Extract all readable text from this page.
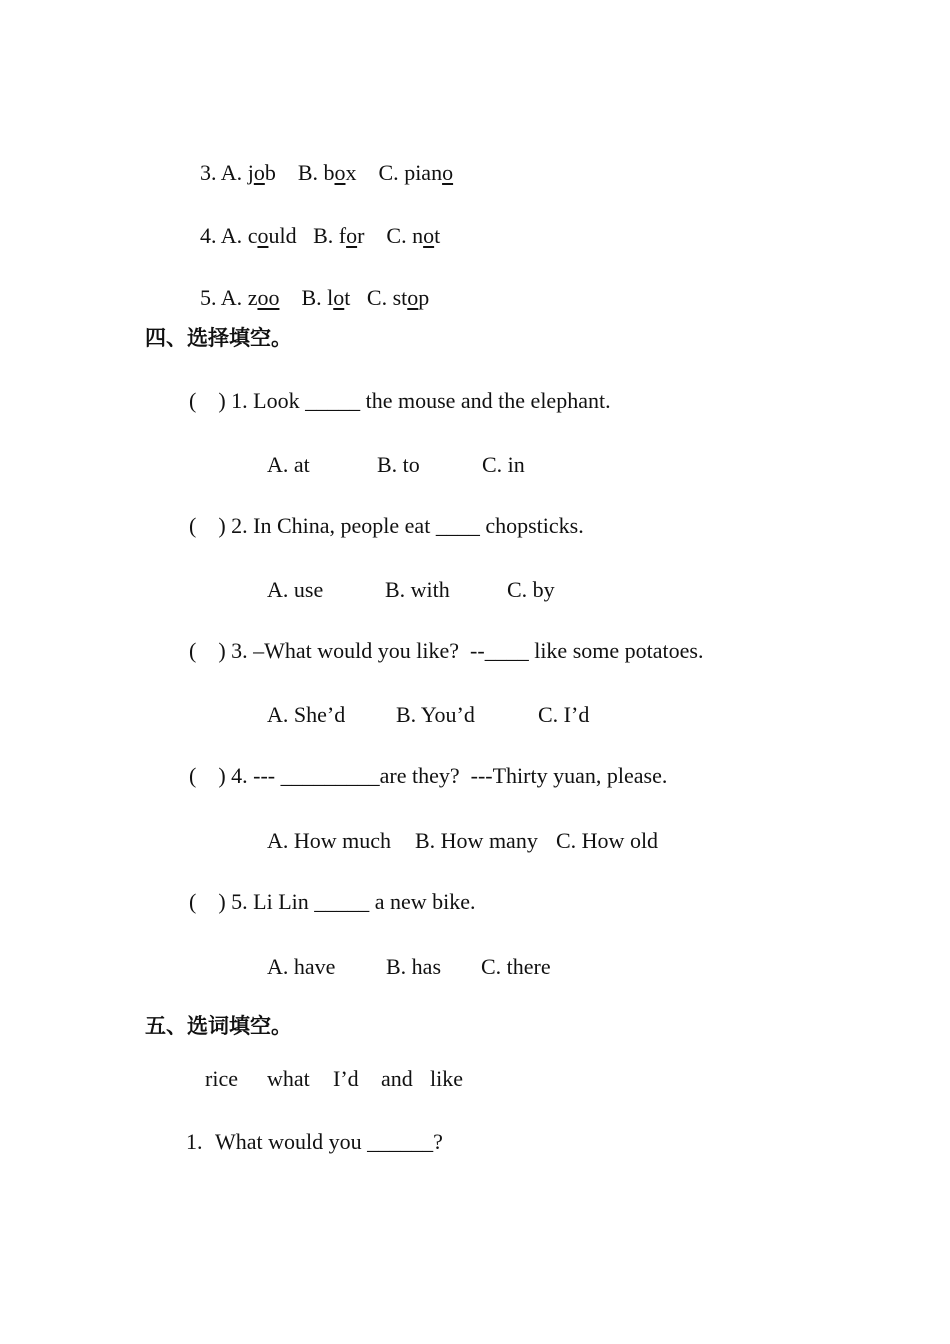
3. A. job B. box C. piano

4. A. could B. for C. not

5. A. zoo B. lot C. stop

四、选择填空。
(    ) 1. Look _____ the mouse and the elephant.
A. at	B. to	C. in
(    ) 2. In China, people eat ____ chopsticks.
A. use	B. with	C. by
(    ) 3. –What would you like?  --____ like some potatoes.
A. She’d B. You’d	C. I’d
(    ) 4. --- _________are they?  ---Thirty yuan, please.
A. How much B. How many C. How old
(    ) 5. Li Lin _____ a new bike.
A. have B. has C. there
五、选词填空。
rice what I’d and like
1. What would you ______?
